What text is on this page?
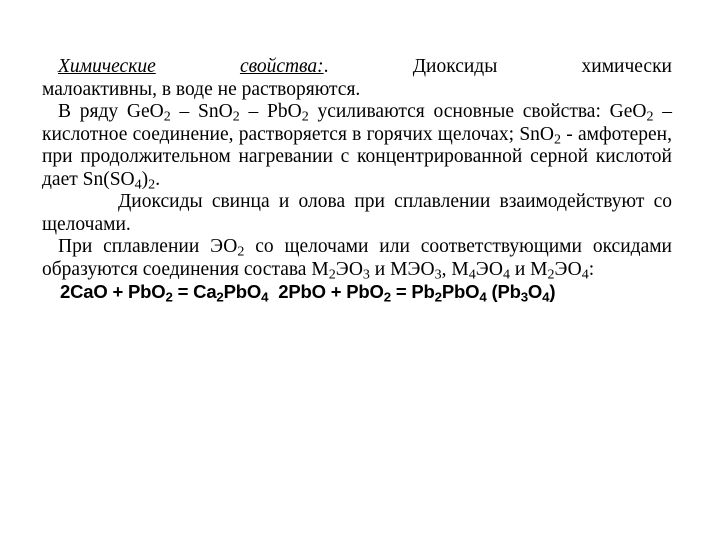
Химические	свойства:.	Диоксиды	химически

малоактивны, в воде не растворяются.

В ряду GeO$_2$ – SnO$_2$ – PbO$_2$ усиливаются основные свойства: GeO$_2$ – кислотное соединение, растворяется в горячих щелочах; SnO$_2$ - амфотерен, при продолжительном нагревании с концентрированной серной кислотой дает $Sn(SO_4)_2$.

Диоксиды свинца и олова при сплавлении взаимодействуют со щелочами.

При сплавлении $ЭО_2$ со щелочами или соответствующими оксидами образуются соединения состава $M_2ЭО_3$ и $MЭО_3$, $M_4ЭО_4$ и $M_2ЭО_4$:

$2CaO + PbO_2 = Ca_2PbO_4$ $2PbO + PbO_2 = Pb_2PbO_4$ $(Pb_3O_4)$
